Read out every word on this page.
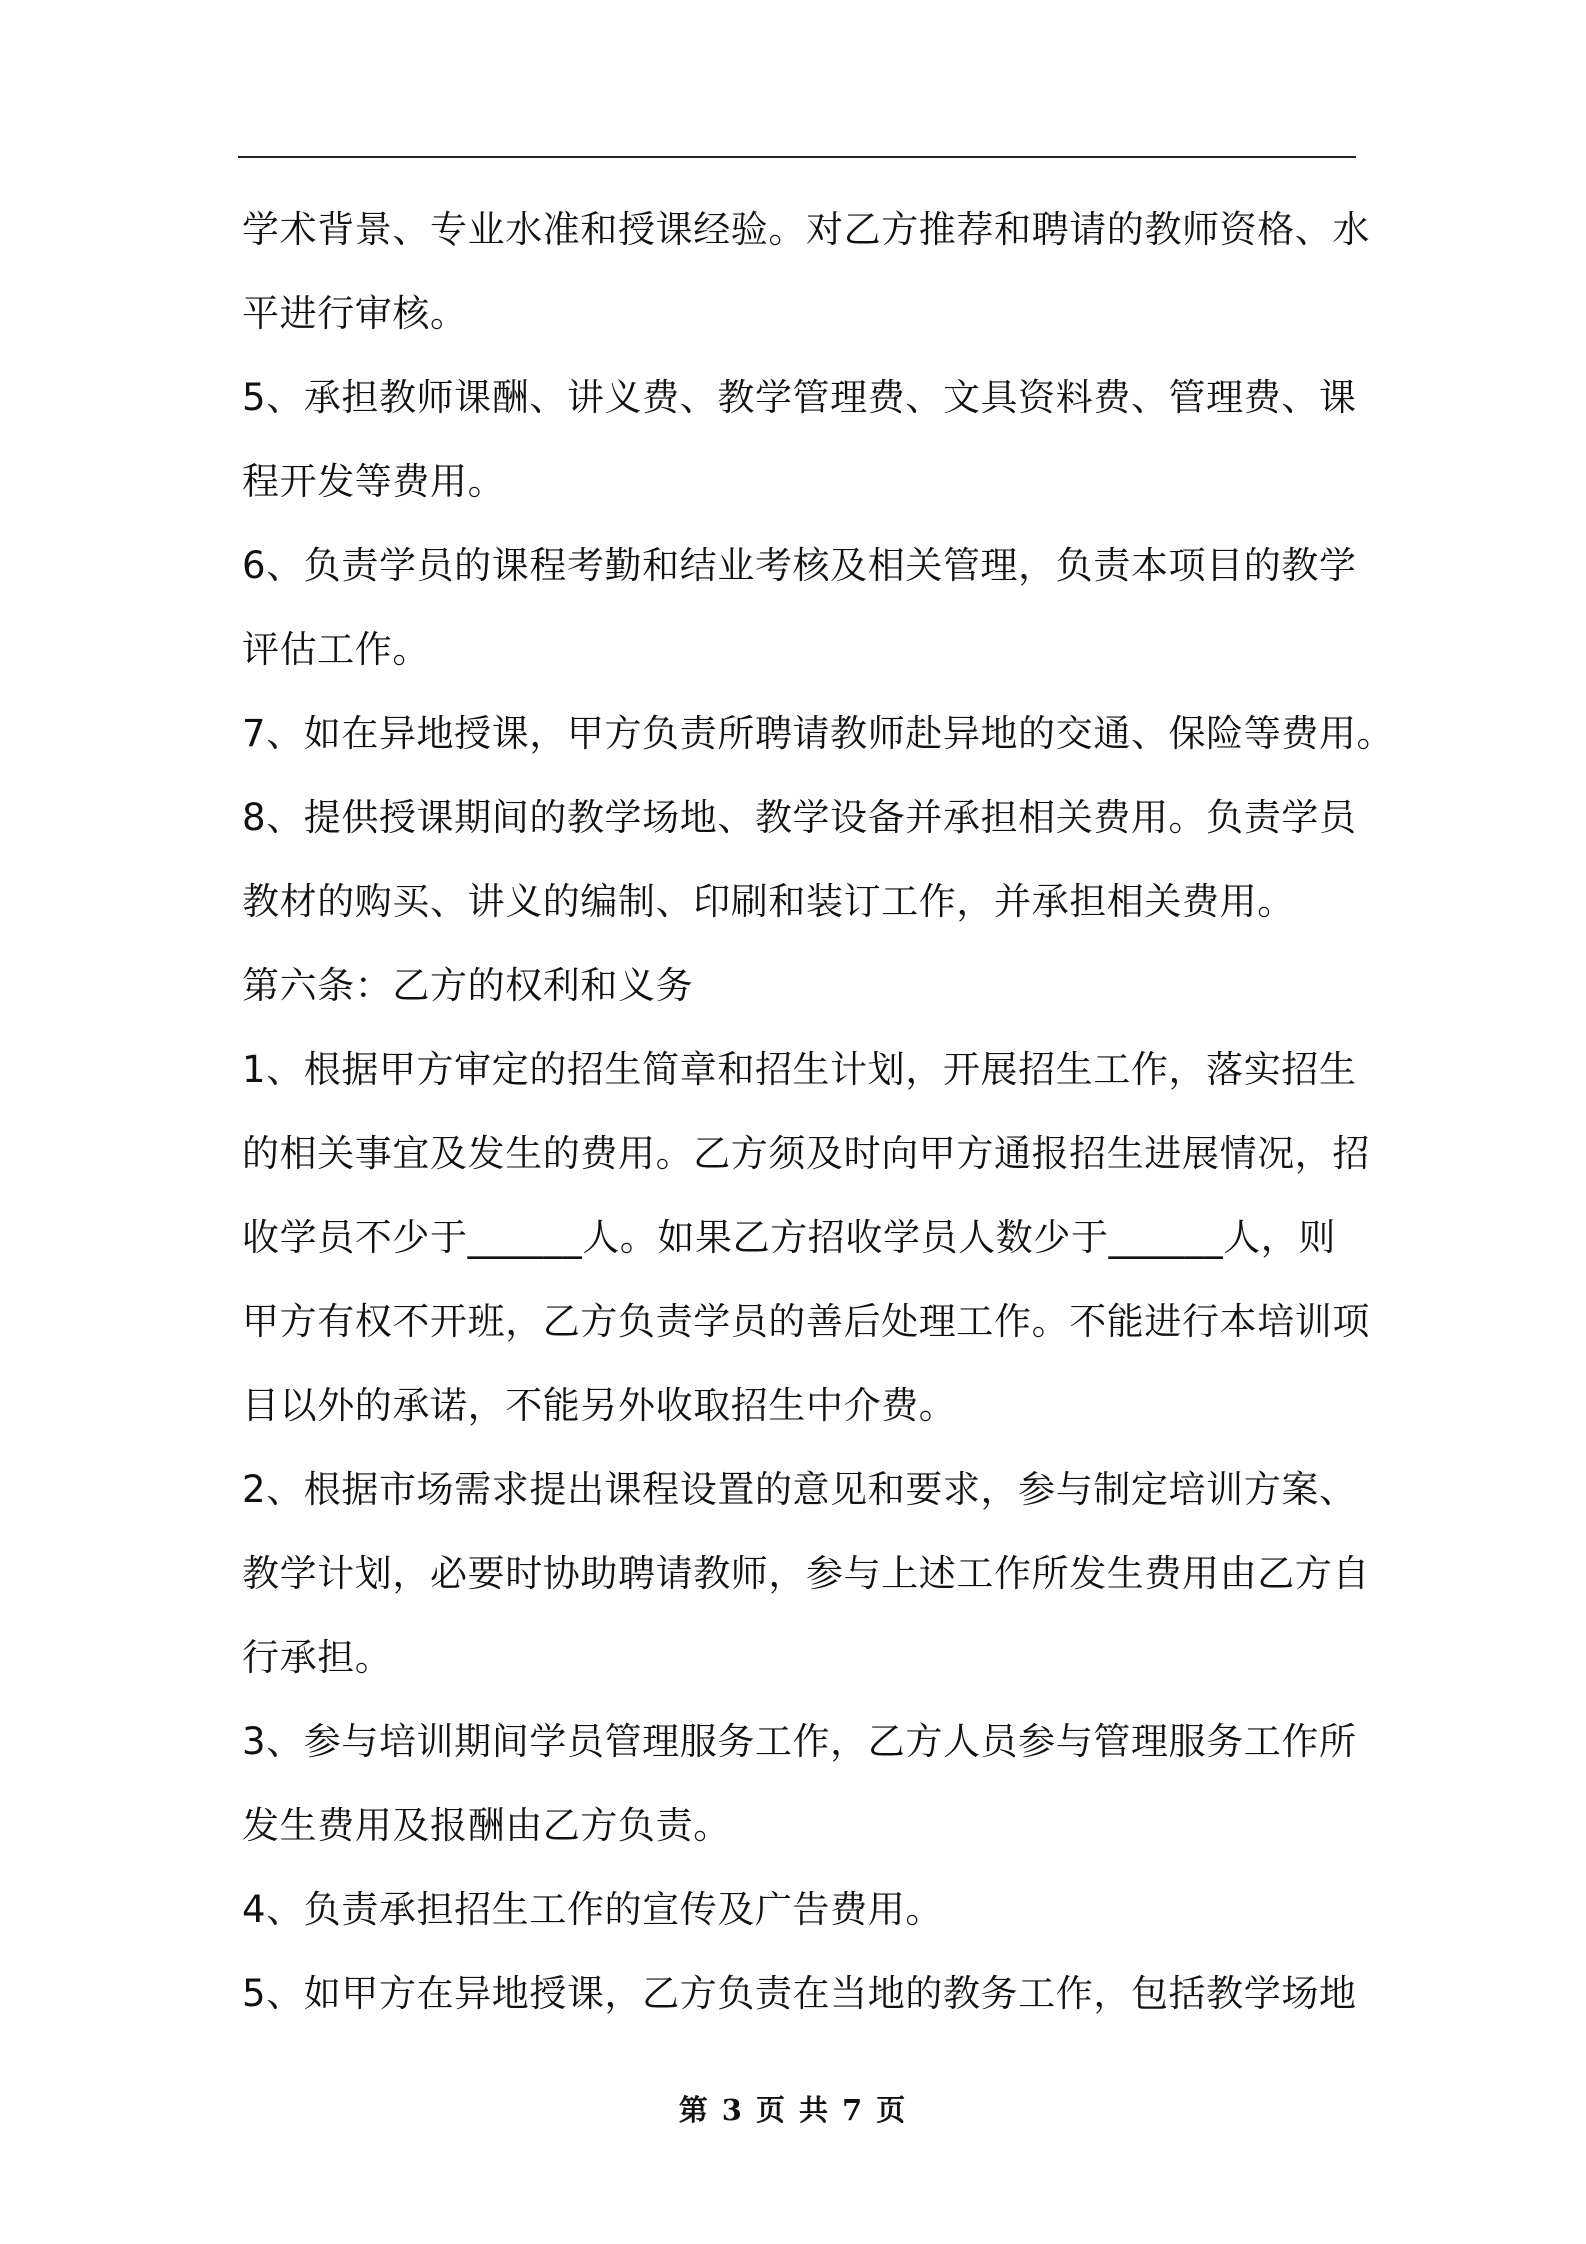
学术背景、专业水准和授课经验。对乙方推荐和聘请的教师资格、水
平进行审核。
5、承担教师课酬、讲义费、教学管理费、文具资料费、管理费、课
程开发等费用。
6、负责学员的课程考勤和结业考核及相关管理，负责本项目的教学
评估工作。
7、如在异地授课，甲方负责所聘请教师赴异地的交通、保险等费用。
8、提供授课期间的教学场地、教学设备并承担相关费用。负责学员
教材的购买、讲义的编制、印刷和装订工作，并承担相关费用。
第六条：乙方的权利和义务
1、根据甲方审定的招生简章和招生计划，开展招生工作，落实招生
的相关事宜及发生的费用。乙方须及时向甲方通报招生进展情况，招
收学员不少于______人。如果乙方招收学员人数少于______人，则
甲方有权不开班，乙方负责学员的善后处理工作。不能进行本培训项
目以外的承诺，不能另外收取招生中介费。
2、根据市场需求提出课程设置的意见和要求，参与制定培训方案、
教学计划，必要时协助聘请教师，参与上述工作所发生费用由乙方自
行承担。
3、参与培训期间学员管理服务工作，乙方人员参与管理服务工作所
发生费用及报酬由乙方负责。
4、负责承担招生工作的宣传及广告费用。
5、如甲方在异地授课，乙方负责在当地的教务工作，包括教学场地
第 3 页 共 7 页
